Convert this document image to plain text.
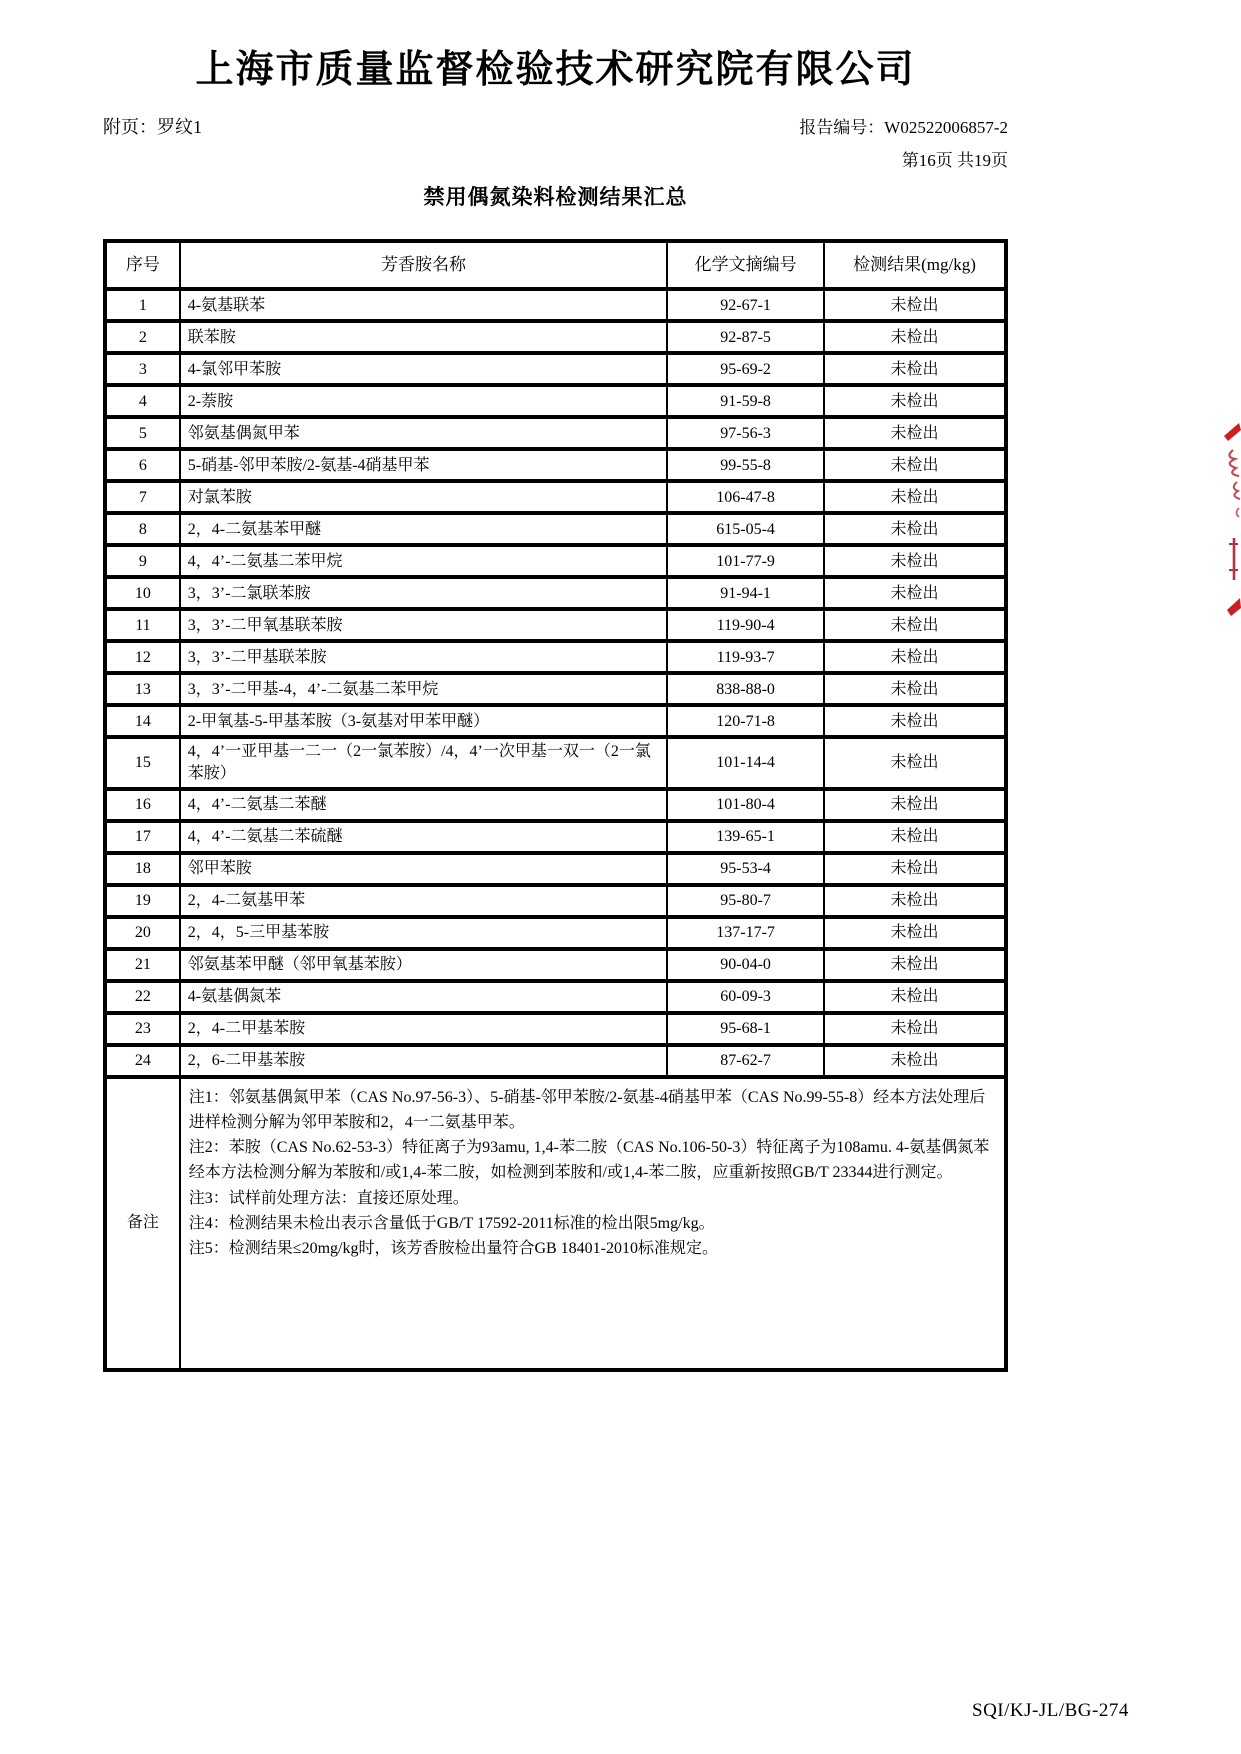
上海市质量监督检验技术研究院有限公司
附页：罗纹1	报告编号：W02522006857-2
第16页 共19页
禁用偶氮染料检测结果汇总
序号	芳香胺名称	化学文摘编号	检测结果(mg/kg)
1	4-氨基联苯	92-67-1	未检出
2	联苯胺	92-87-5	未检出
3	4-氯邻甲苯胺	95-69-2	未检出
4	2-萘胺	91-59-8	未检出
5	邻氨基偶氮甲苯	97-56-3	未检出
6	5-硝基-邻甲苯胺/2-氨基-4硝基甲苯	99-55-8	未检出
7	对氯苯胺	106-47-8	未检出
8	2，4-二氨基苯甲醚	615-05-4	未检出
9	4，4’-二氨基二苯甲烷	101-77-9	未检出
10	3，3’-二氯联苯胺	91-94-1	未检出
11	3，3’-二甲氧基联苯胺	119-90-4	未检出
12	3，3’-二甲基联苯胺	119-93-7	未检出
13	3，3’-二甲基-4，4’-二氨基二苯甲烷	838-88-0	未检出
14	2-甲氧基-5-甲基苯胺（3-氨基对甲苯甲醚）	120-71-8	未检出
15	4，4’一亚甲基一二一（2一氯苯胺）/4，4’一次甲基一双一（2一氯苯胺）	101-14-4	未检出
16	4，4’-二氨基二苯醚	101-80-4	未检出
17	4，4’-二氨基二苯硫醚	139-65-1	未检出
18	邻甲苯胺	95-53-4	未检出
19	2，4-二氨基甲苯	95-80-7	未检出
20	2，4，5-三甲基苯胺	137-17-7	未检出
21	邻氨基苯甲醚（邻甲氧基苯胺）	90-04-0	未检出
22	4-氨基偶氮苯	60-09-3	未检出
23	2，4-二甲基苯胺	95-68-1	未检出
24	2，6-二甲基苯胺	87-62-7	未检出
备注	注1：邻氨基偶氮甲苯（CAS No.97-56-3）、5-硝基-邻甲苯胺/2-氨基-4硝基甲苯（CAS No.99-55-8）经本方法处理后进样检测分解为邻甲苯胺和2，4一二氨基甲苯。
注2：苯胺（CAS No.62-53-3）特征离子为93amu, 1,4-苯二胺（CAS No.106-50-3）特征离子为108amu. 4-氨基偶氮苯经本方法检测分解为苯胺和/或1,4-苯二胺，如检测到苯胺和/或1,4-苯二胺，应重新按照GB/T 23344进行测定。
注3：试样前处理方法：直接还原处理。
注4：检测结果未检出表示含量低于GB/T 17592-2011标准的检出限5mg/kg。
注5：检测结果≤20mg/kg时，该芳香胺检出量符合GB 18401-2010标准规定。		
SQI/KJ-JL/BG-274
